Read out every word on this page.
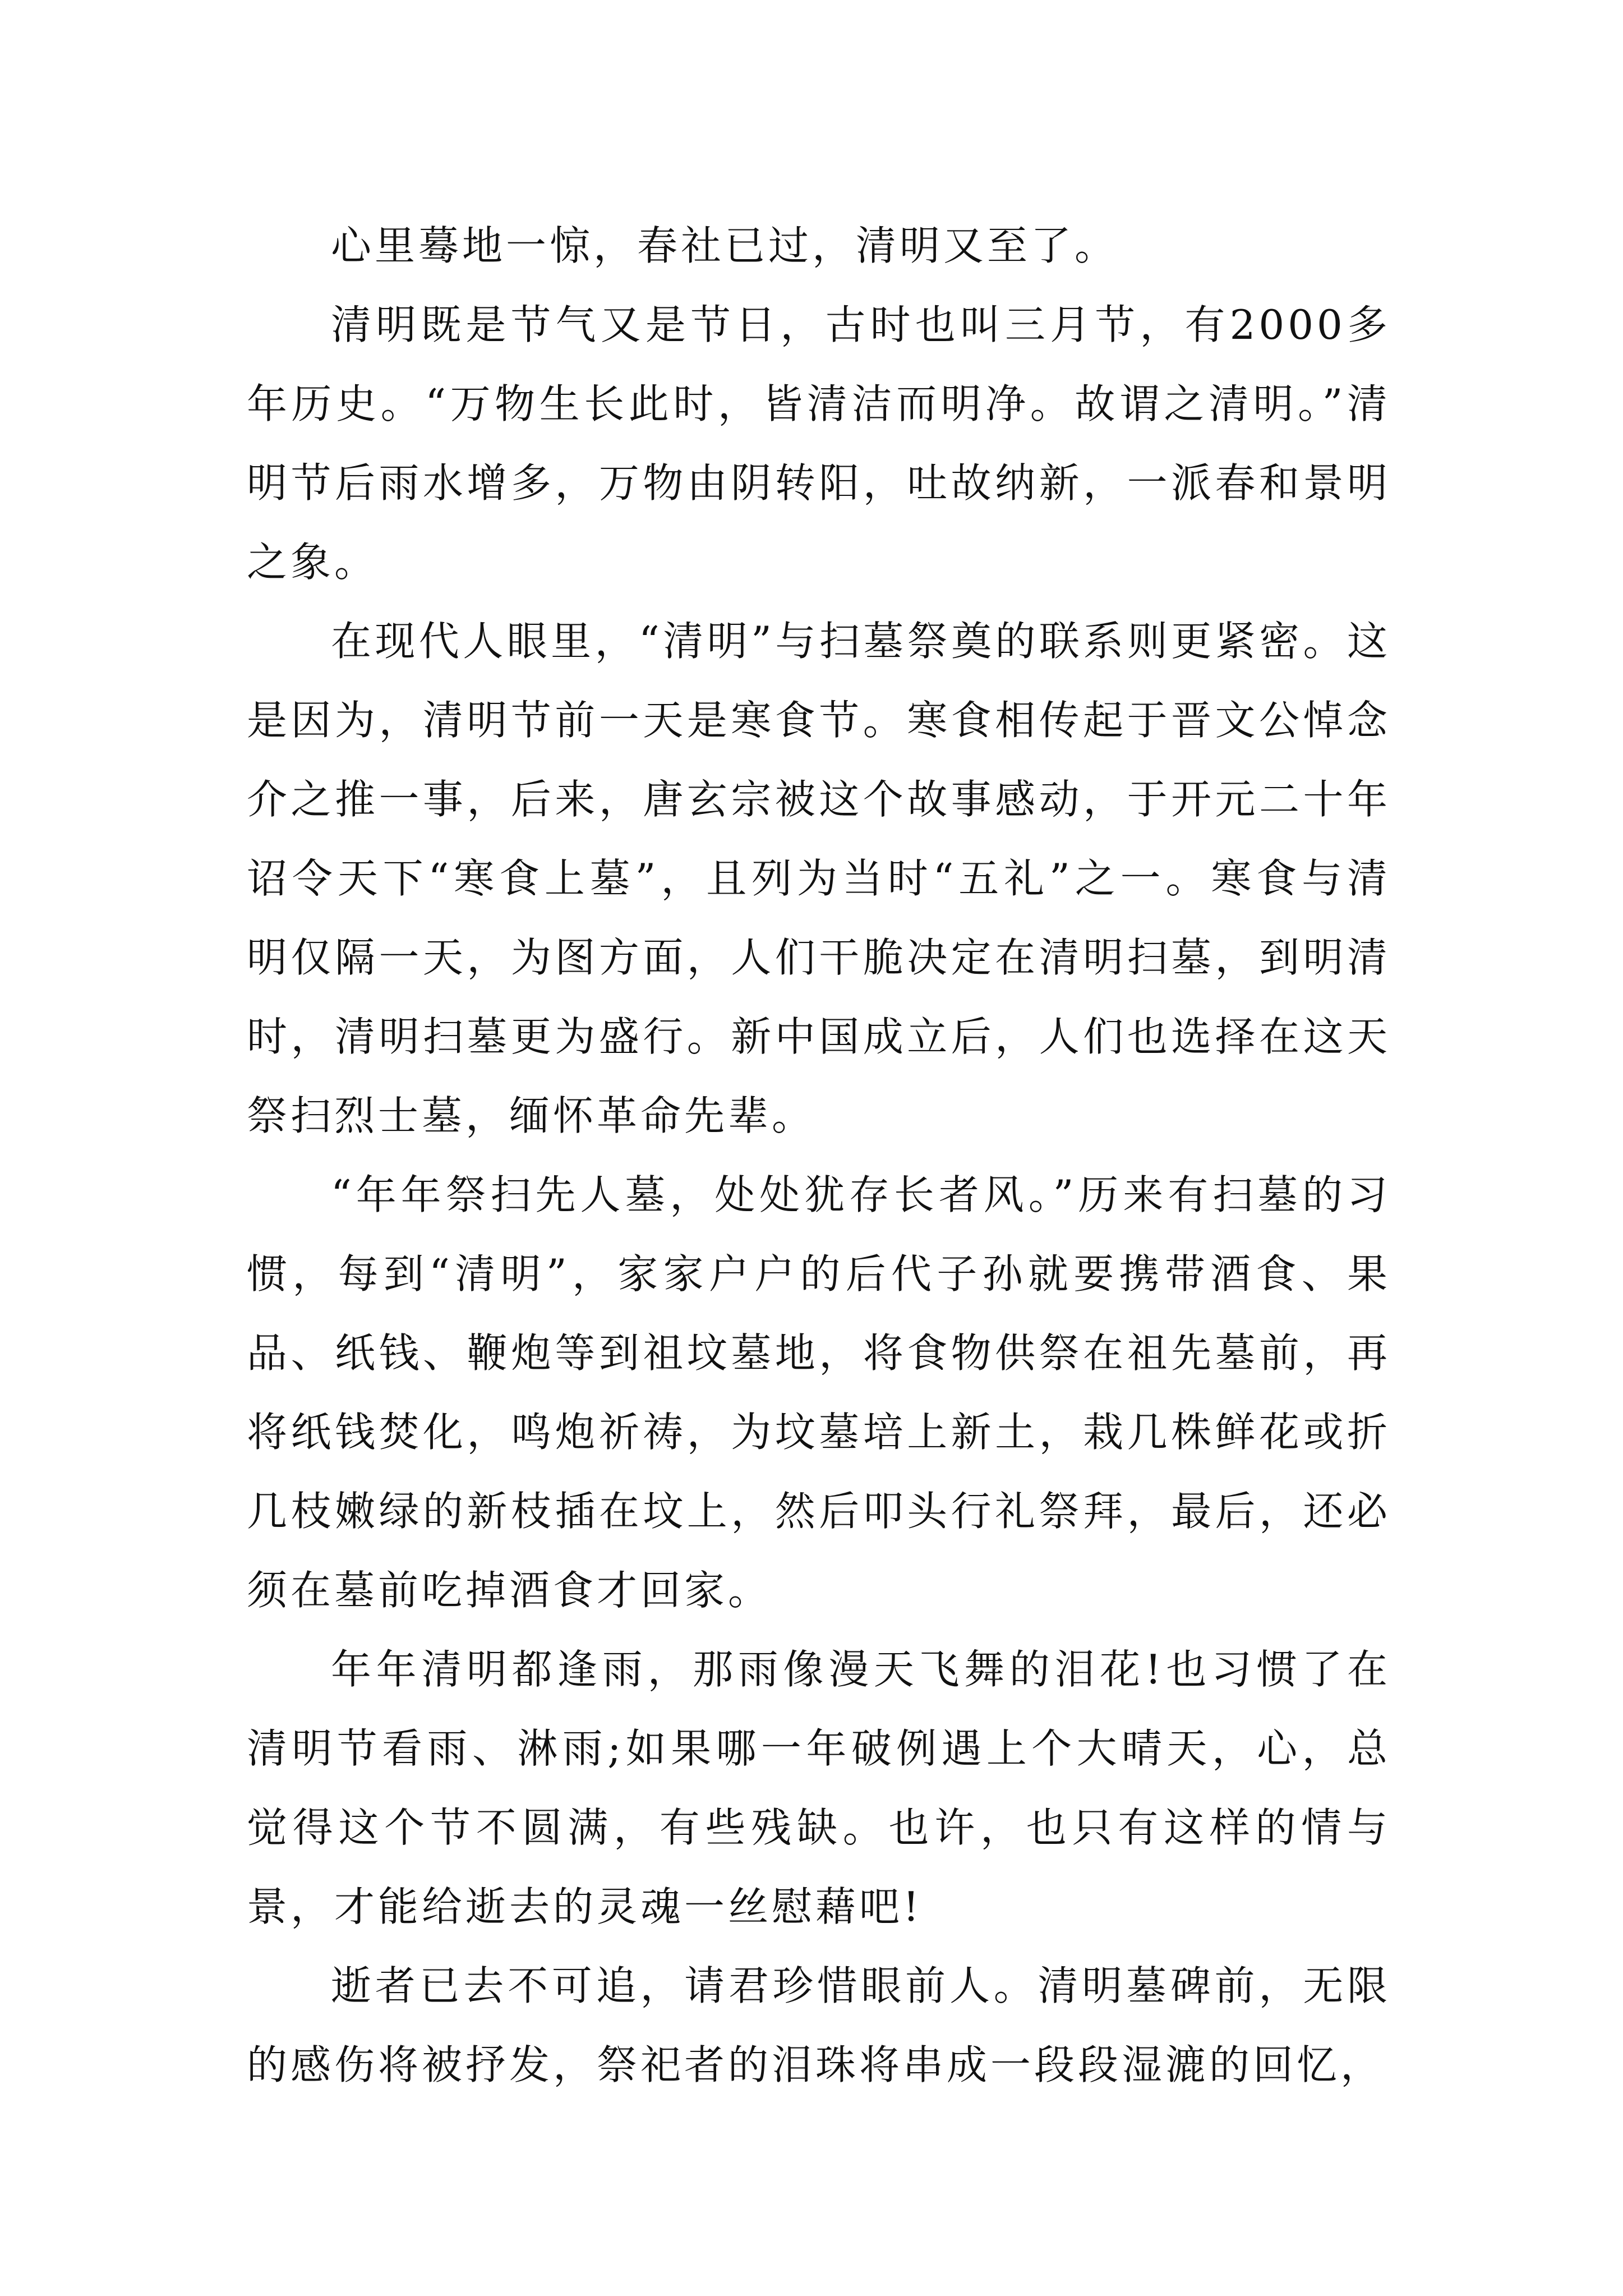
心里蓦地一惊，春社已过，清明又至了。

清明既是节气又是节日，古时也叫三月节，有2000多年历史。“万物生长此时，皆清洁而明净。故谓之清明。”清明节后雨水增多，万物由阴转阳，吐故纳新，一派春和景明之象。

在现代人眼里，“清明”与扫墓祭奠的联系则更紧密。这是因为，清明节前一天是寒食节。寒食相传起于晋文公悼念介之推一事，后来，唐玄宗被这个故事感动，于开元二十年诏令天下“寒食上墓”，且列为当时“五礼”之一。寒食与清明仅隔一天，为图方面，人们干脆决定在清明扫墓，到明清时，清明扫墓更为盛行。新中国成立后，人们也选择在这天祭扫烈士墓，缅怀革命先辈。

“年年祭扫先人墓，处处犹存长者风。”历来有扫墓的习惯，每到“清明”，家家户户的后代子孙就要携带酒食、果品、纸钱、鞭炮等到祖坟墓地，将食物供祭在祖先墓前，再将纸钱焚化，鸣炮祈祷，为坟墓培上新土，栽几株鲜花或折几枝嫩绿的新枝插在坟上，然后叩头行礼祭拜，最后，还必须在墓前吃掉酒食才回家。

年年清明都逢雨，那雨像漫天飞舞的泪花!也习惯了在清明节看雨、淋雨;如果哪一年破例遇上个大晴天，心，总觉得这个节不圆满，有些残缺。也许，也只有这样的情与景，才能给逝去的灵魂一丝慰藉吧!

逝者已去不可追，请君珍惜眼前人。清明墓碑前，无限的感伤将被抒发，祭祀者的泪珠将串成一段段湿漉的回忆，
